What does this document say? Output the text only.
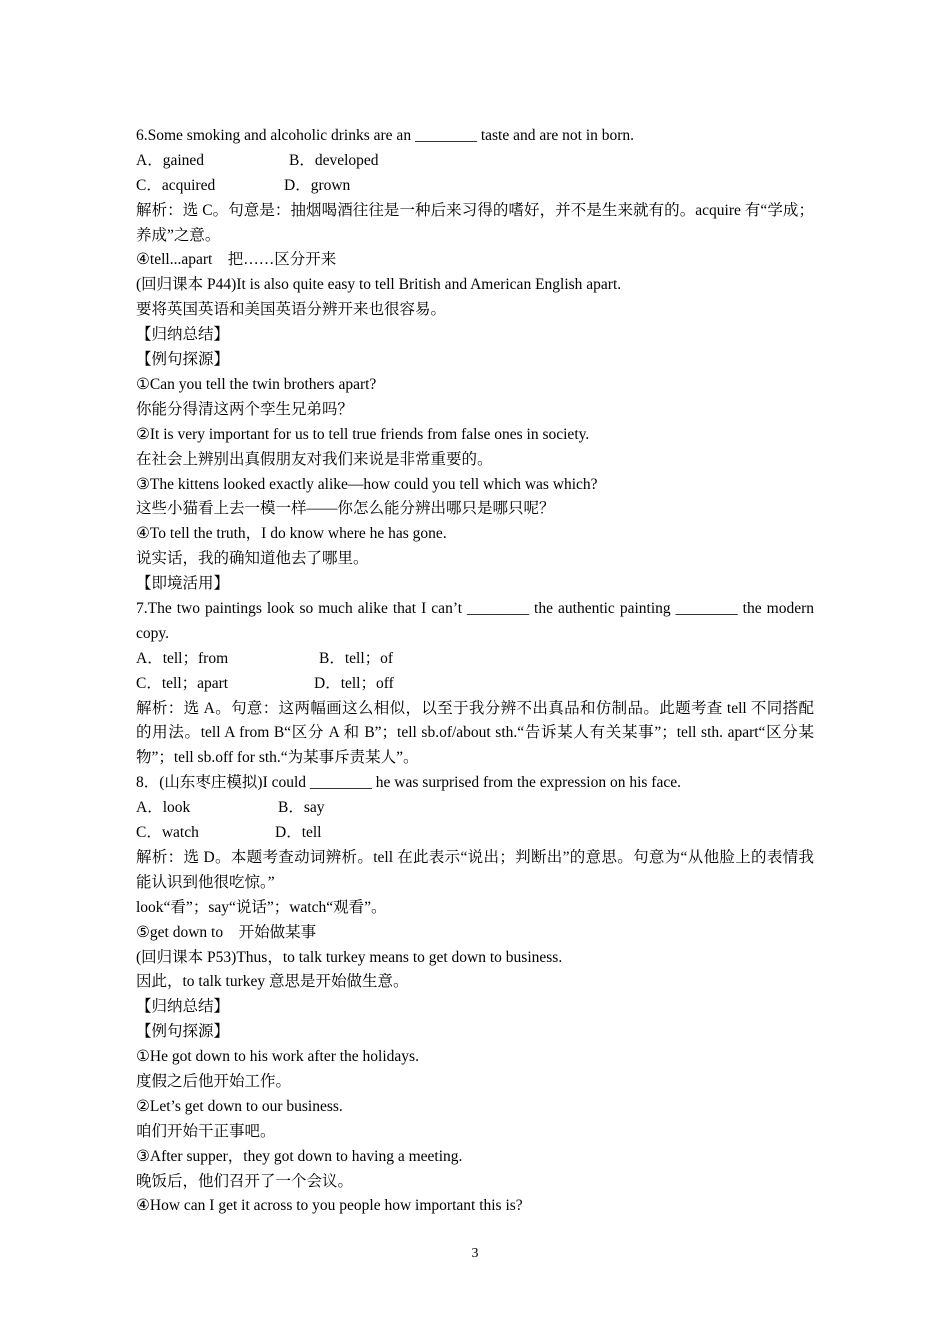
6.Some smoking and alcoholic drinks are an ________ taste and are not in born.
A．gained	B．developed
C．acquired	D．grown
解析：选 C。句意是：抽烟喝酒往往是一种后来习得的嗜好，并不是生来就有的。acquire 有“学成；养成”之意。
④tell...apart　把……区分开来
(回归课本 P44)It is also quite easy to tell British and American English apart.
要将英国英语和美国英语分辨开来也很容易。
【归纳总结】
【例句探源】
①Can you tell the twin brothers apart?
你能分得清这两个孪生兄弟吗？
②It is very important for us to tell true friends from false ones in society.
在社会上辨别出真假朋友对我们来说是非常重要的。
③The kittens looked exactly alike—how could you tell which was which?
这些小猫看上去一模一样——你怎么能分辨出哪只是哪只呢？
④To tell the truth，I do know where he has gone.
说实话，我的确知道他去了哪里。
【即境活用】
7.The two paintings look so much alike that I can’t ________ the authentic painting ________ the modern copy.
A．tell；from	B．tell；of
C．tell；apart	D．tell；off
解析：选 A。句意：这两幅画这么相似，以至于我分辨不出真品和仿制品。此题考查 tell 不同搭配的用法。tell A from B“区分 A 和 B”；tell sb.of/about sth.“告诉某人有关某事”；tell sth. apart“区分某物”；tell sb.off for sth.“为某事斥责某人”。
8．(山东枣庄模拟)I could ________ he was surprised from the expression on his face.
A．look	B．say
C．watch	D．tell
解析：选 D。本题考查动词辨析。tell 在此表示“说出；判断出”的意思。句意为“从他脸上的表情我能认识到他很吃惊。”
look“看”；say“说话”；watch“观看”。
⑤get down to　开始做某事
(回归课本 P53)Thus，to talk turkey means to get down to business.
因此，to talk turkey 意思是开始做生意。
【归纳总结】
【例句探源】
①He got down to his work after the holidays.
度假之后他开始工作。
②Let’s get down to our business.
咱们开始干正事吧。
③After supper，they got down to having a meeting.
晚饭后，他们召开了一个会议。
④How can I get it across to you people how important this is?
3
